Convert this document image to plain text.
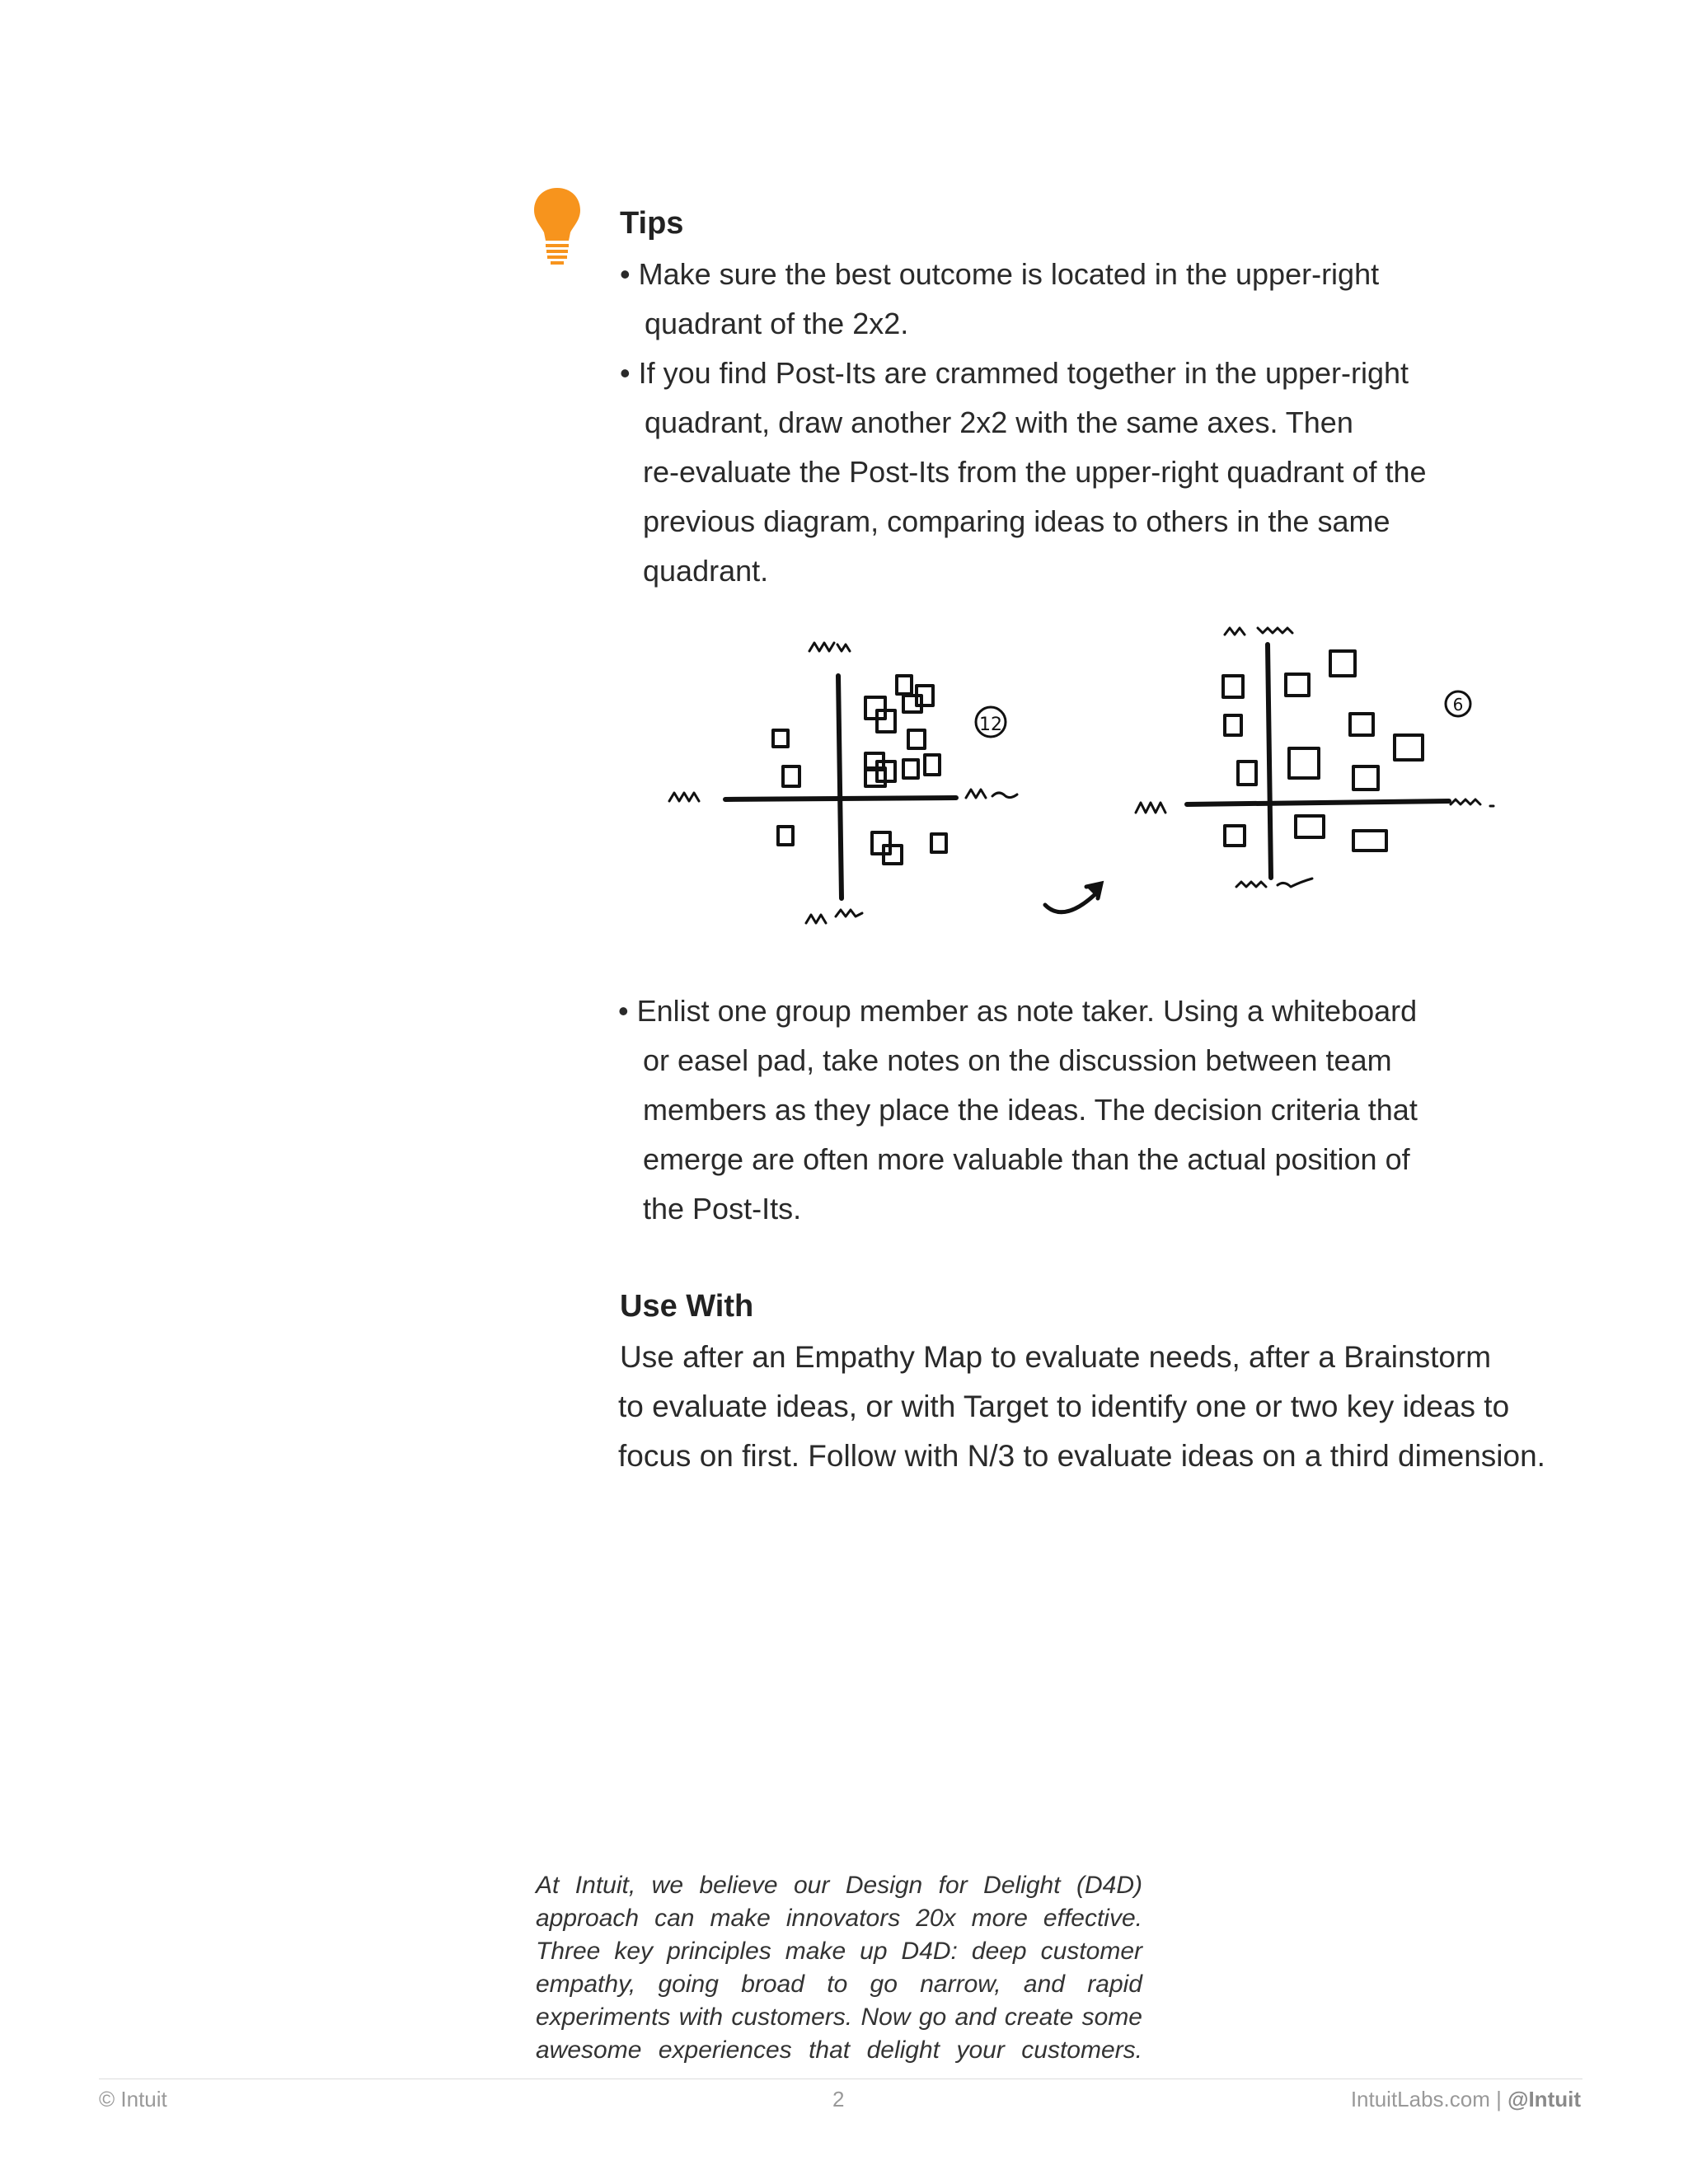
Tips
• Make sure the best outcome is located in the upper-right
quadrant of the 2x2.
• If you find Post-Its are crammed together in the upper-right
quadrant, draw another 2x2 with the same axes. Then
re-evaluate the Post-Its from the upper-right quadrant of the
previous diagram, comparing ideas to others in the same
quadrant.
12
6
• Enlist one group member as note taker. Using a whiteboard
or easel pad, take notes on the discussion between team
members as they place the ideas. The decision criteria that
emerge are often more valuable than the actual position of
the Post-Its.
Use With
Use after an Empathy Map to evaluate needs, after a Brainstorm
to evaluate ideas, or with Target to identify one or two key ideas to
focus on first. Follow with N/3 to evaluate ideas on a third dimension.
At Intuit, we believe our Design for Delight (D4D)
approach can make innovators 20x more effective.
Three key principles make up D4D: deep customer
empathy, going broad to go narrow, and rapid
experiments with customers. Now go and create some
awesome experiences that delight your customers.
© Intuit	2	IntuitLabs.com | @Intuit
